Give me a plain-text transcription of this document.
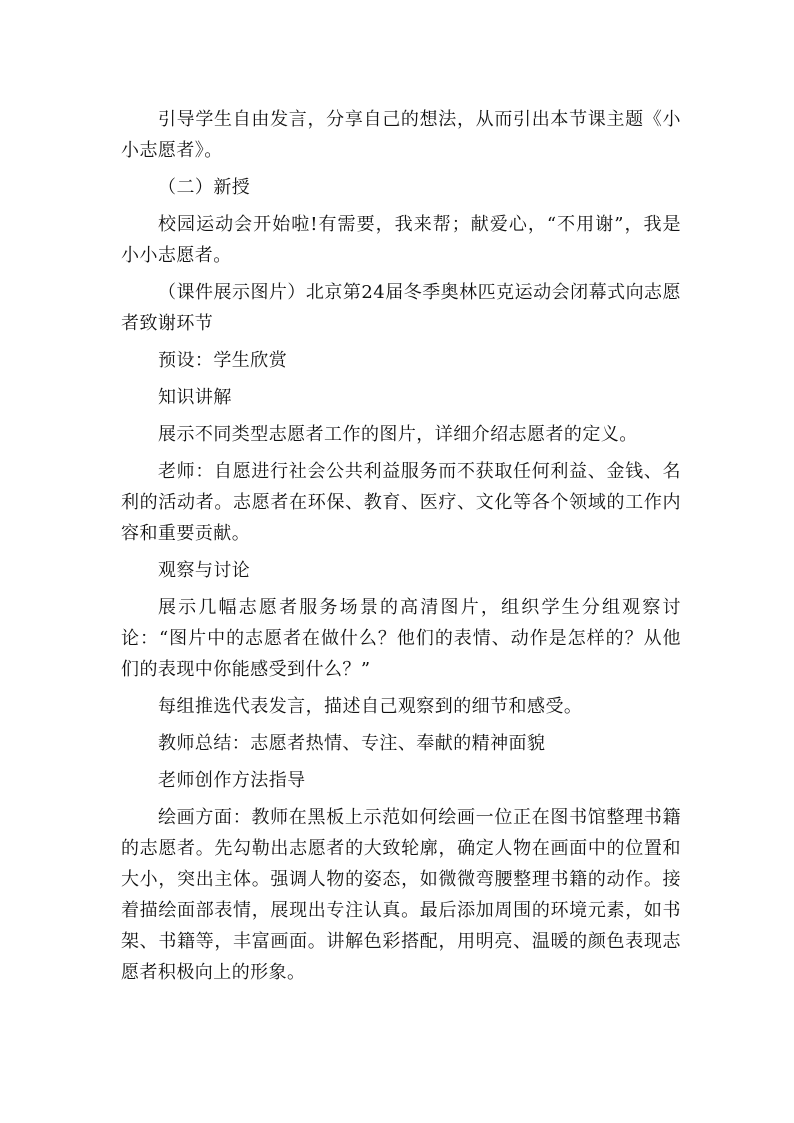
引导学生自由发言，分享自己的想法，从而引出本节课主题《小小志愿者》。

（二）新授

校园运动会开始啦!有需要，我来帮；献爱心，“不用谢”，我是小小志愿者。

（课件展示图片）北京第24届冬季奥林匹克运动会闭幕式向志愿者致谢环节

预设：学生欣赏

知识讲解

展示不同类型志愿者工作的图片，详细介绍志愿者的定义。

老师：自愿进行社会公共利益服务而不获取任何利益、金钱、名利的活动者。志愿者在环保、教育、医疗、文化等各个领域的工作内容和重要贡献。

观察与讨论

展示几幅志愿者服务场景的高清图片，组织学生分组观察讨论：“图片中的志愿者在做什么？他们的表情、动作是怎样的？从他们的表现中你能感受到什么？”

每组推选代表发言，描述自己观察到的细节和感受。

教师总结：志愿者热情、专注、奉献的精神面貌

老师创作方法指导

绘画方面：教师在黑板上示范如何绘画一位正在图书馆整理书籍的志愿者。先勾勒出志愿者的大致轮廓，确定人物在画面中的位置和大小，突出主体。强调人物的姿态，如微微弯腰整理书籍的动作。接着描绘面部表情，展现出专注认真。最后添加周围的环境元素，如书架、书籍等，丰富画面。讲解色彩搭配，用明亮、温暖的颜色表现志愿者积极向上的形象。
